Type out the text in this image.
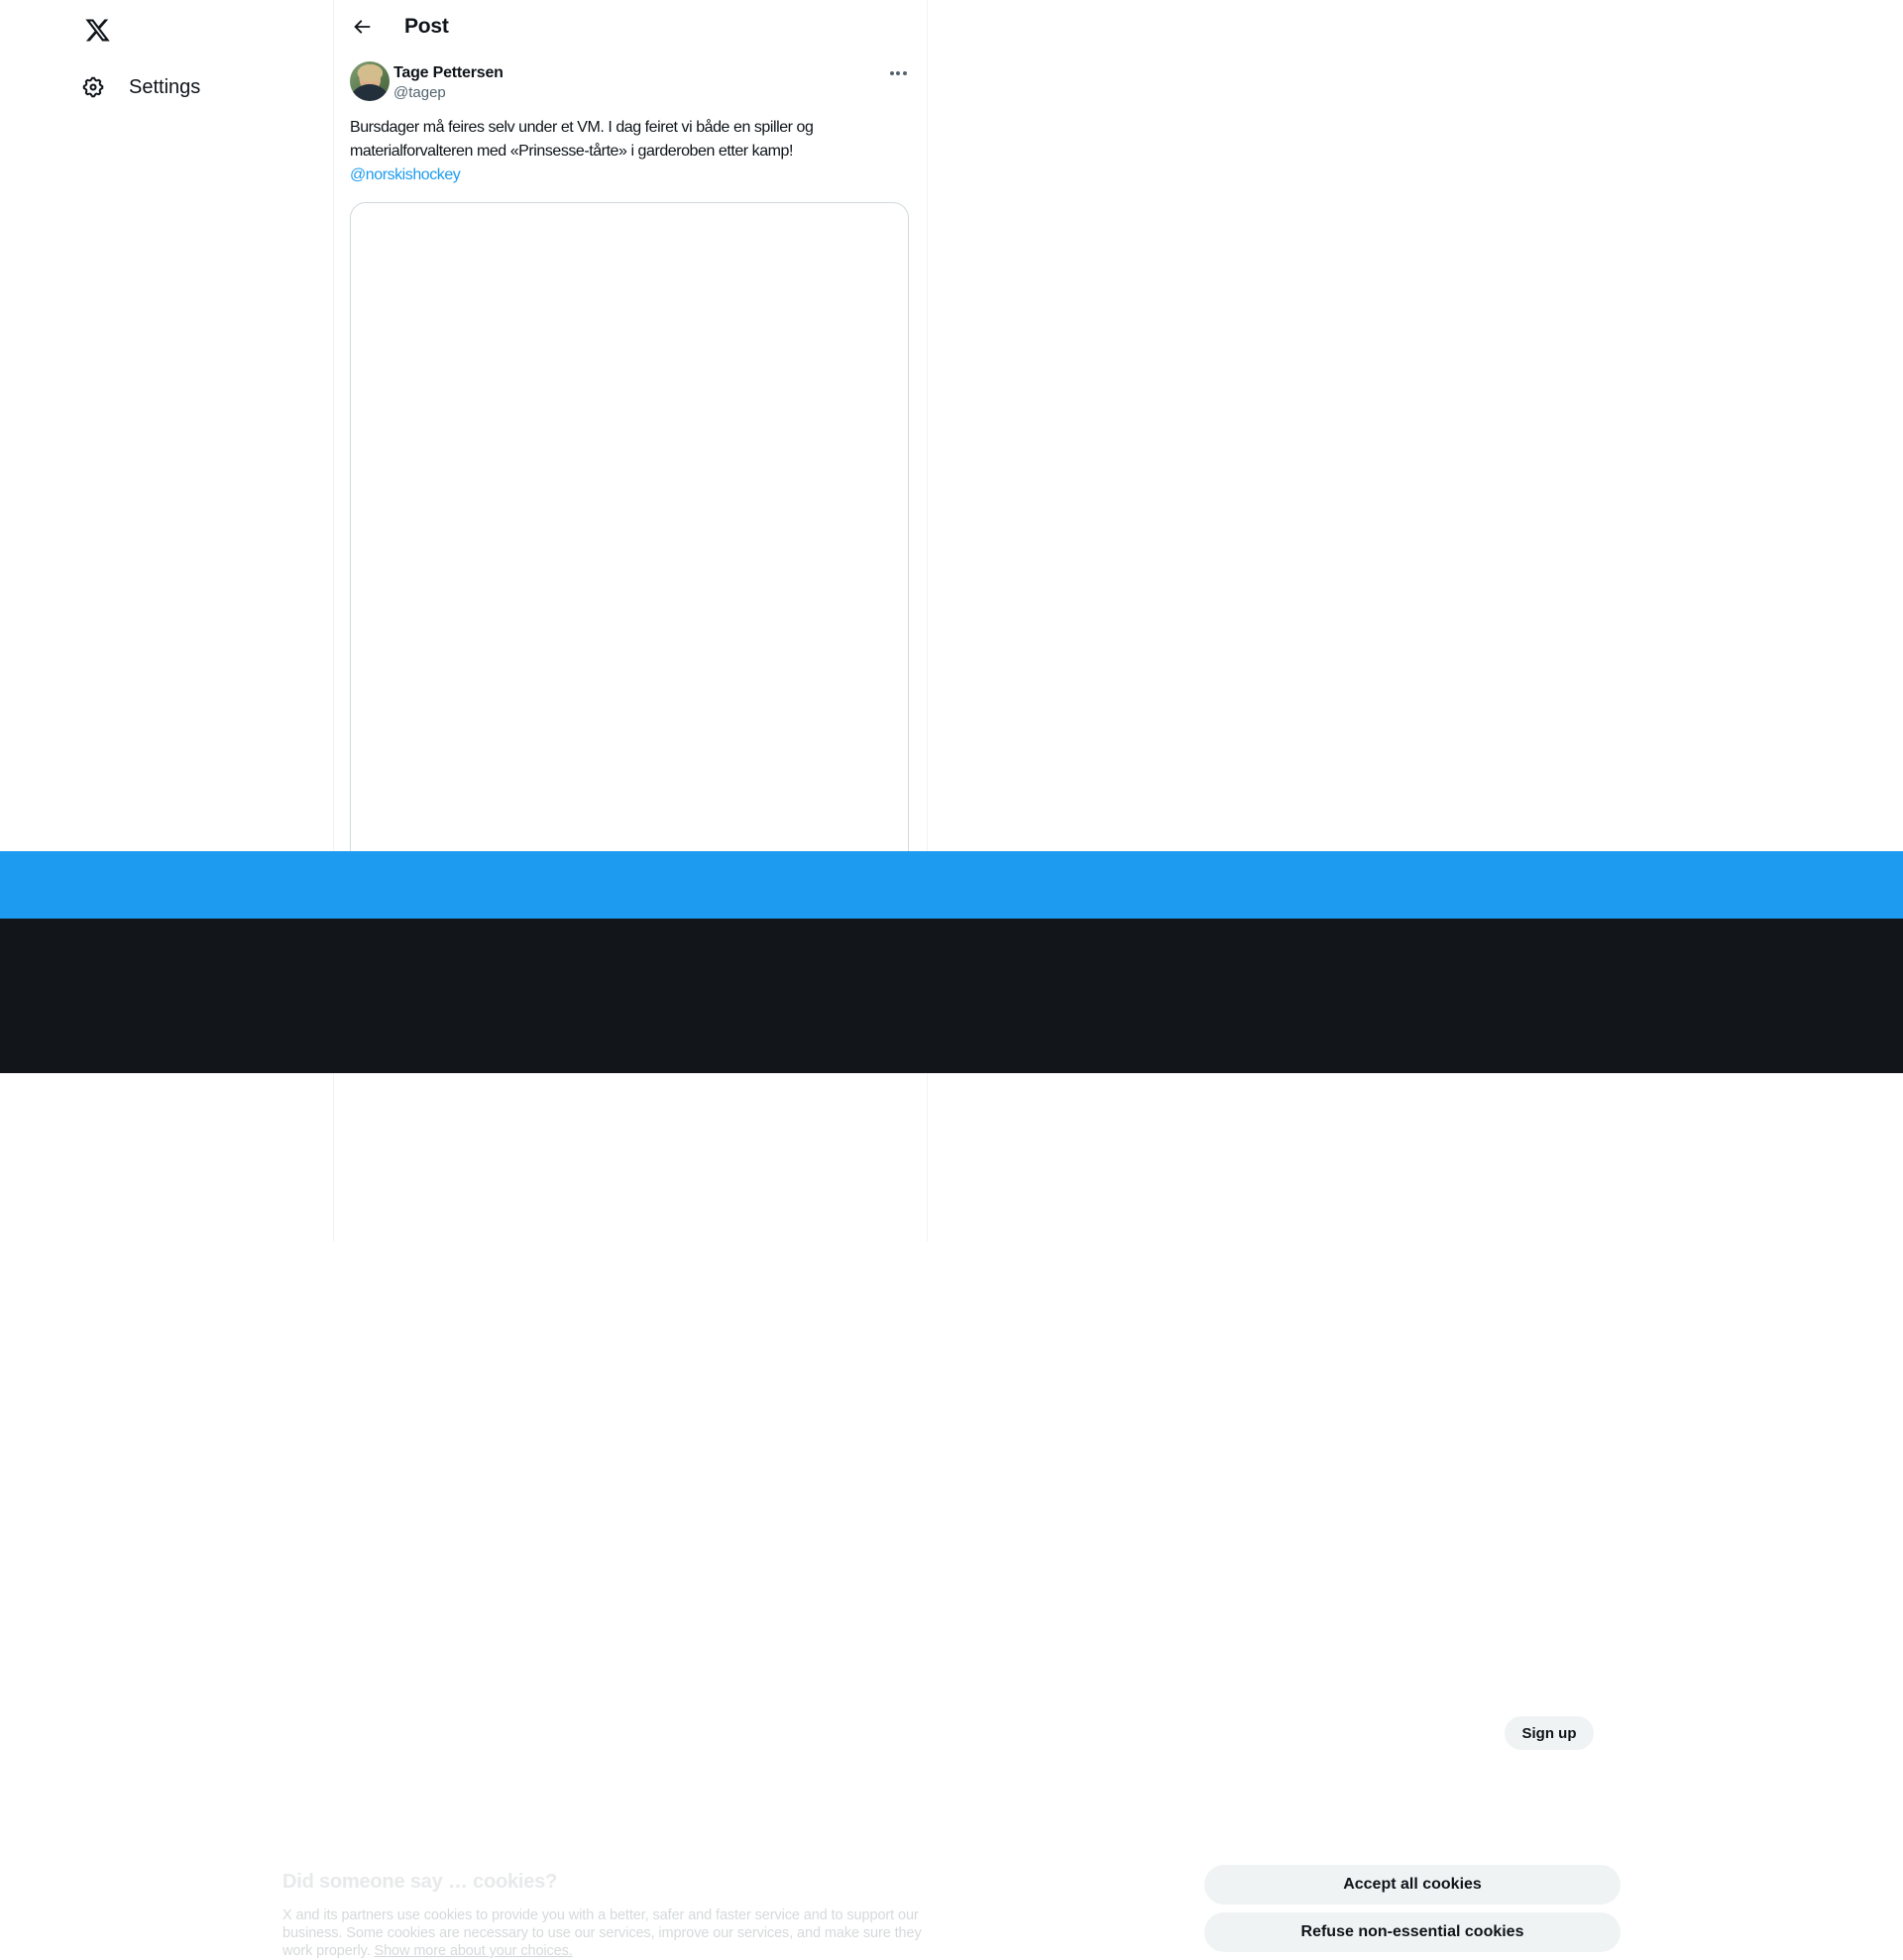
Settings
Post
Tage Pettersen
@tagep
Bursdager må feires selv under et VM. I dag feiret vi både en spiller og
materialforvalteren med «Prinsesse-tårte» i garderoben etter kamp!
@norskishockey
Don’t miss what’s happening
People on X are the first to know.
Log in	Sign up
Did someone say … cookies?
X and its partners use cookies to provide you with a better, safer and faster service and to support our
business. Some cookies are necessary to use our services, improve our services, and make sure they
work properly. Show more about your choices.
Accept all cookies
Refuse non-essential cookies
